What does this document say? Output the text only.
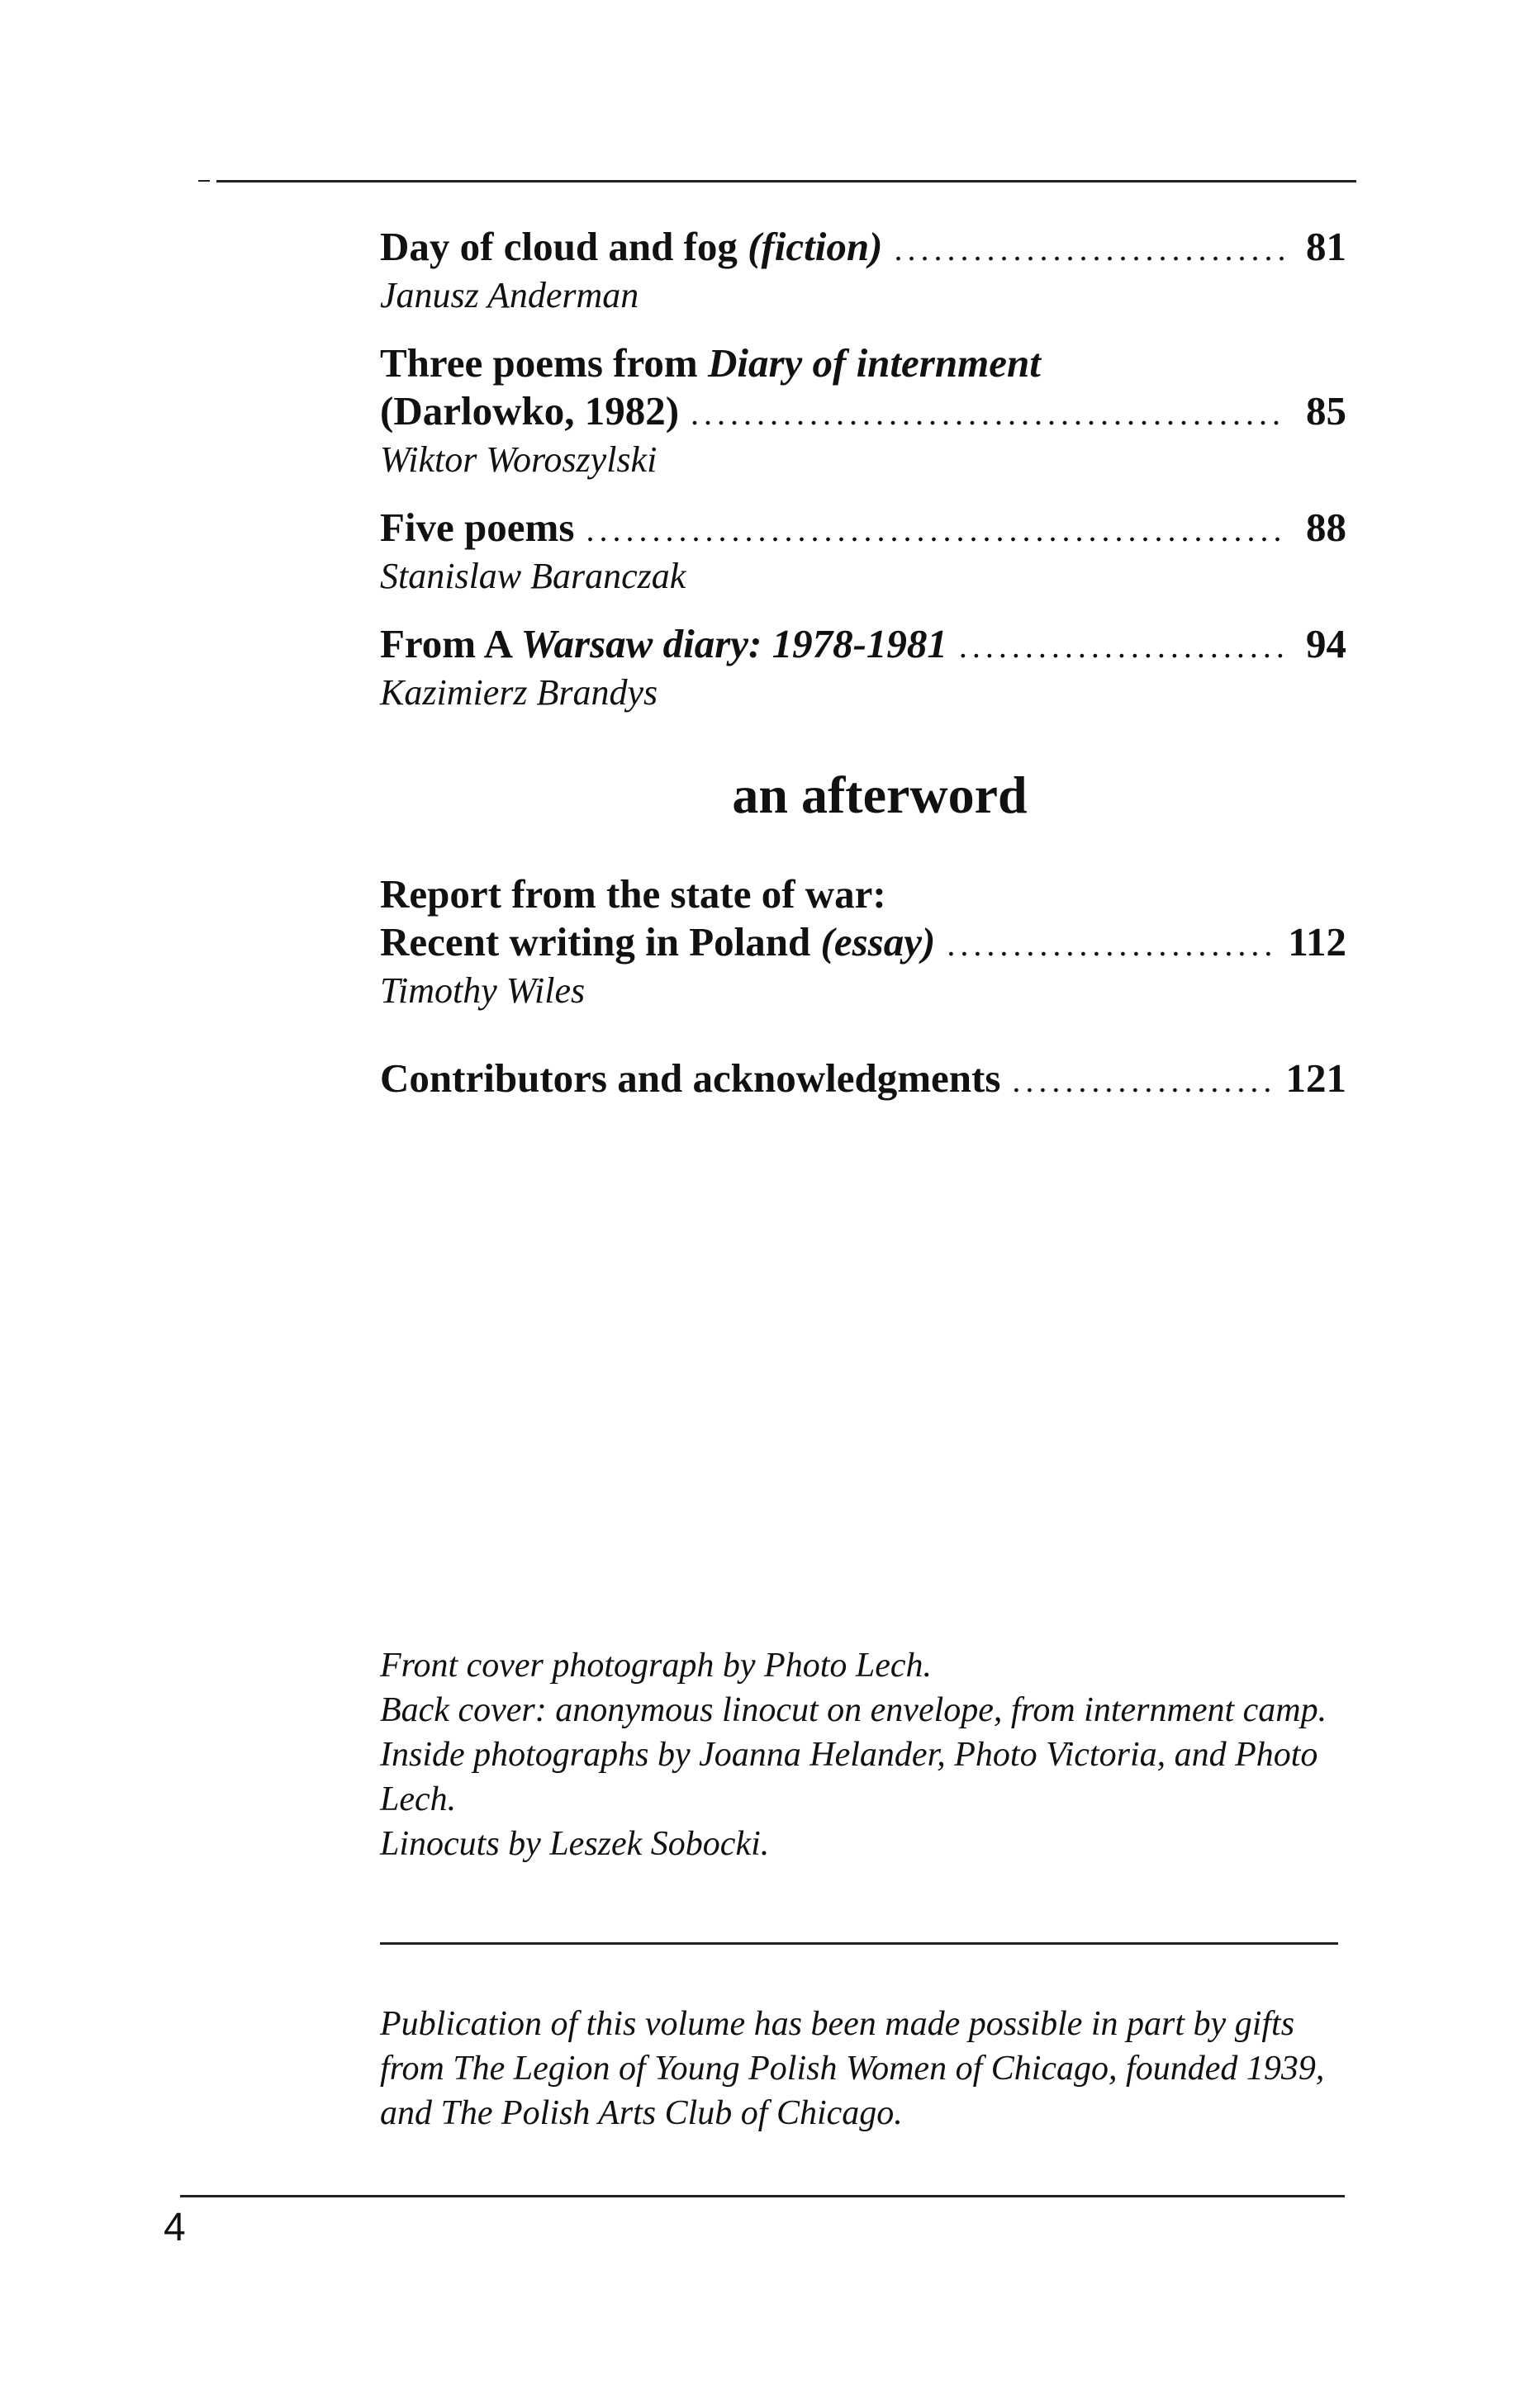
Day of cloud and fog (fiction) .....	81
Janusz Anderman
Three poems from Diary of internment
(Darlowko, 1982) .....	85
Wiktor Woroszylski
Five poems .....	88
Stanislaw Baranczak
From A Warsaw diary: 1978-1981 .....	94
Kazimierz Brandys
an afterword
Report from the state of war:
Recent writing in Poland (essay) .....	112
Timothy Wiles
Contributors and acknowledgments .....	121

Front cover photograph by Photo Lech.

Back cover: anonymous linocut on envelope, from internment camp.

Inside photographs by Joanna Helander, Photo Victoria, and Photo Lech.

Linocuts by Leszek Sobocki.

Publication of this volume has been made possible in part by gifts from The Legion of Young Polish Women of Chicago, founded 1939, and The Polish Arts Club of Chicago.

4
